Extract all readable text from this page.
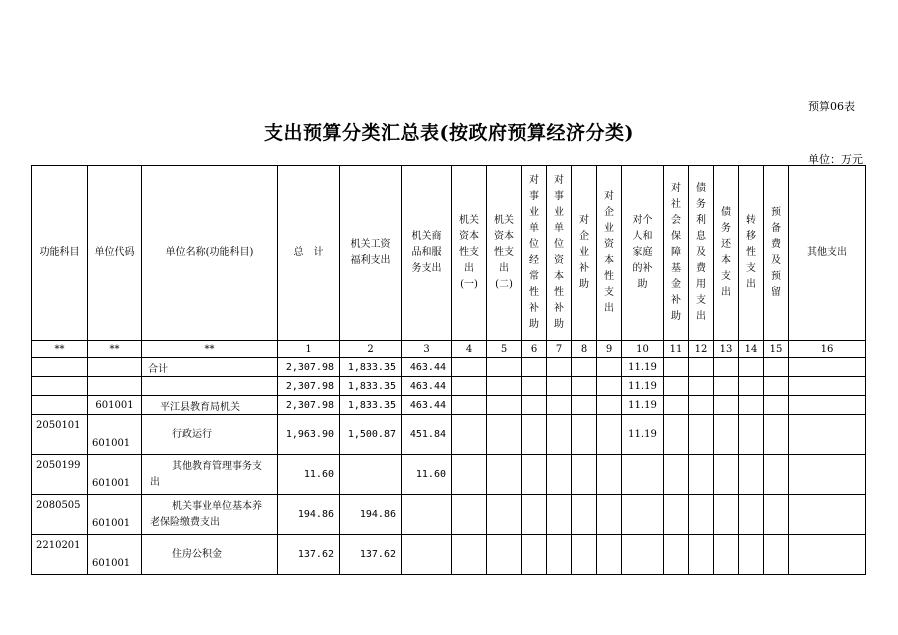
预算06表
支出预算分类汇总表(按政府预算经济分类)
单位：万元
功能科目	单位代码	单位名称(功能科目)	总　计	机关工资
福利支出	机关商
品和服
务支出	机关资本性支出(一)	机关资本性支出(二)	对事业单位经常性补助	对事业单位资本性补助	对企业补助	对企业资本性支出	对个
人和
家庭
的补
助	对社会保障基金补助	债务利息及费用支出	债务还本支出	转移性支出	预备费及预留	其他支出
**	**	**	1	2	3	4	5	6	7	8	9	10	11	12	13	14	15	16
		合计	2,307.98	1,833.35	463.44							11.19						
			2,307.98	1,833.35	463.44							11.19						
	601001	平江县教育局机关	2,307.98	1,833.35	463.44							11.19						
2050101	601001	行政运行	1,963.90	1,500.87	451.84							11.19						
2050199	601001	其他教育管理事务支
出	11.60		11.60													
2080505	601001	机关事业单位基本养
老保险缴费支出	194.86	194.86														
2210201	601001	住房公积金	137.62	137.62														
